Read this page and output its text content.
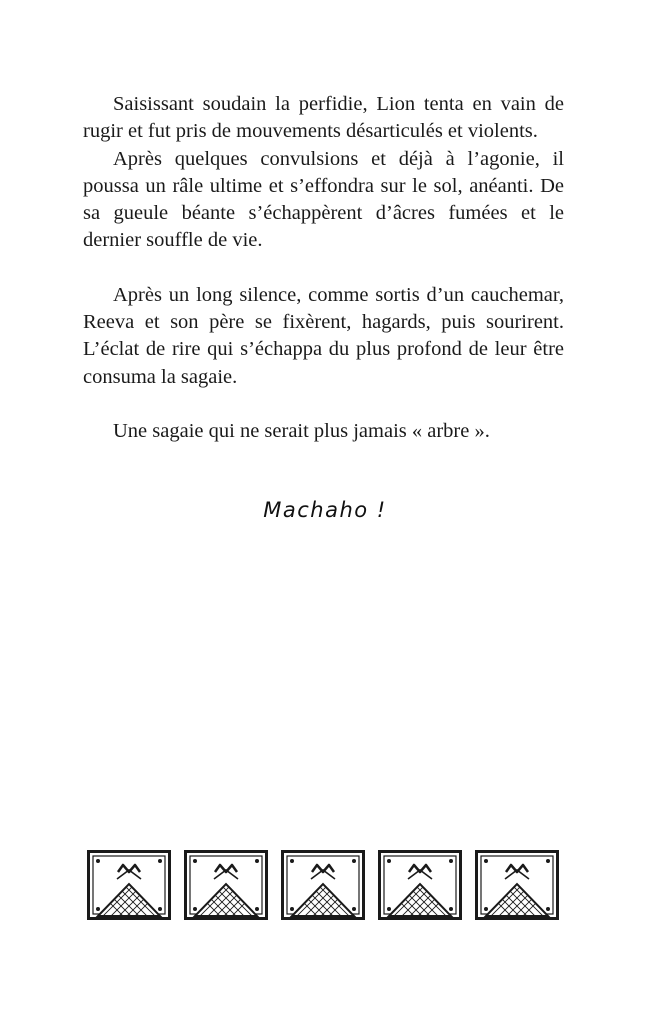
Saisissant soudain la perfidie, Lion tenta en vain de rugir et fut pris de mouvements désarticulés et violents.

Après quelques convulsions et déjà à l’agonie, il poussa un râle ultime et s’effondra sur le sol, anéanti. De sa gueule béante s’échappèrent d’âcres fumées et le dernier souffle de vie.

Après un long silence, comme sortis d’un cauchemar, Reeva et son père se fixèrent, hagards, puis sourirent. L’éclat de rire qui s’échappa du plus profond de leur être consuma la sagaie.

Une sagaie qui ne serait plus jamais « arbre ».

Machaho !
